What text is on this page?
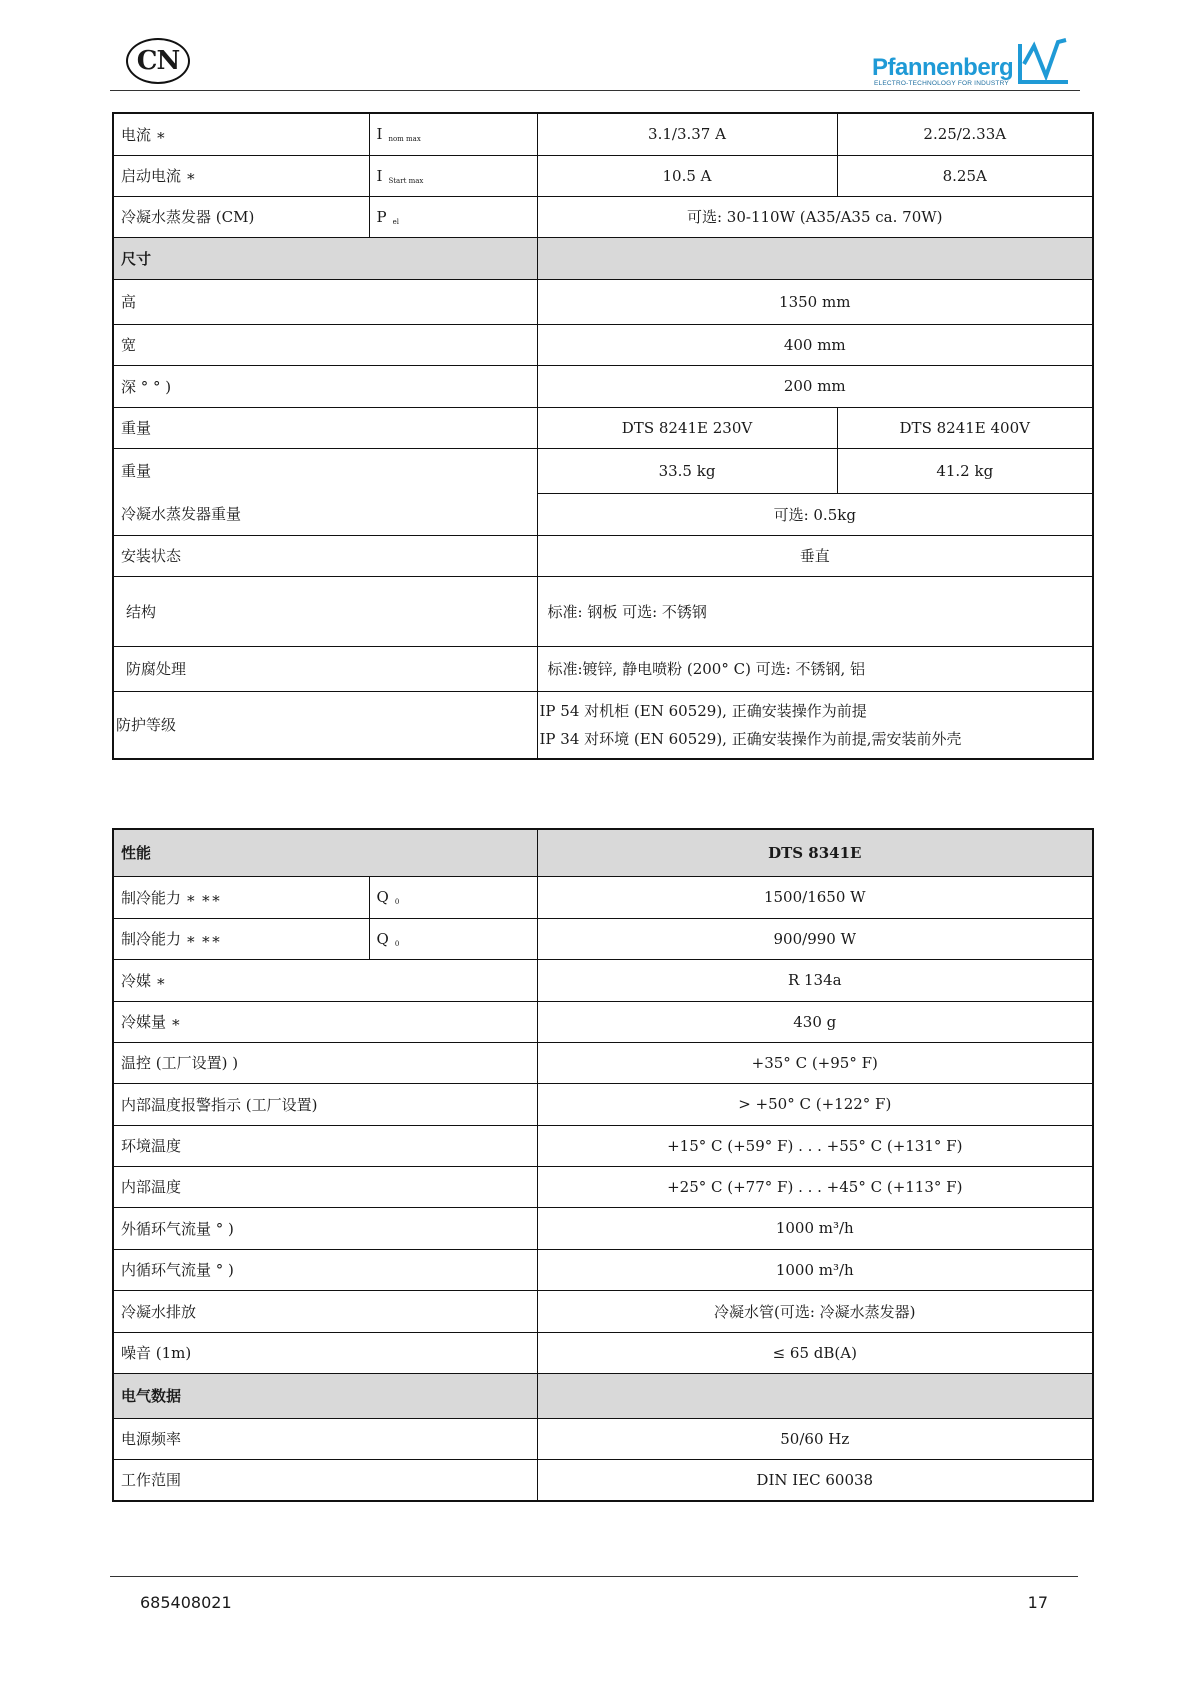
CN	Pfannenberg
ELECTRO-TECHNOLOGY FOR INDUSTRY
电流 ∗	I $_{nom max}$	3.1/3.37 A	2.25/2.33A
启动电流 ∗	I $_{Start max}$	10.5 A	8.25A
冷凝水蒸发器 (CM)	P $_{el}$	可选: 30-110W (A35/A35 ca. 70W)	
尺寸			
高		1350 mm	
宽		400 mm	
深 ° ° )		200 mm	
重量		DTS 8241E 230V	DTS 8241E 400V
重量		33.5 kg	41.2 kg
冷凝水蒸发器重量		可选: 0.5kg	
安装状态		垂直	
结构		标准: 钢板 可选: 不锈钢	
防腐处理		标准:镀锌, 静电喷粉 (200° C) 可选: 不锈钢, 铝	
防护等级		IP 54 对机柜 (EN 60529), 正确安装操作为前提
IP 34 对环境 (EN 60529), 正确安装操作为前提,需安装前外壳	
性能		DTS 8341E
制冷能力 ∗ ∗∗	Q $_0$	1500/1650 W
制冷能力 ∗ ∗∗	Q $_0$	900/990 W
冷媒 ∗		R 134a
冷媒量 ∗		430 g
温控 (工厂设置) )		+35° C (+95° F)
内部温度报警指示 (工厂设置)		> +50° C (+122° F)
环境温度		+15° C (+59° F) . . . +55° C (+131° F)
内部温度		+25° C (+77° F) . . . +45° C (+113° F)
外循环气流量 ° )		1000 m³/h
内循环气流量 ° )		1000 m³/h
冷凝水排放		冷凝水管(可选: 冷凝水蒸发器)
噪音 (1m)		≤ 65 dB(A)
电气数据		
电源频率		50/60 Hz
工作范围		DIN IEC 60038
685408021	17
